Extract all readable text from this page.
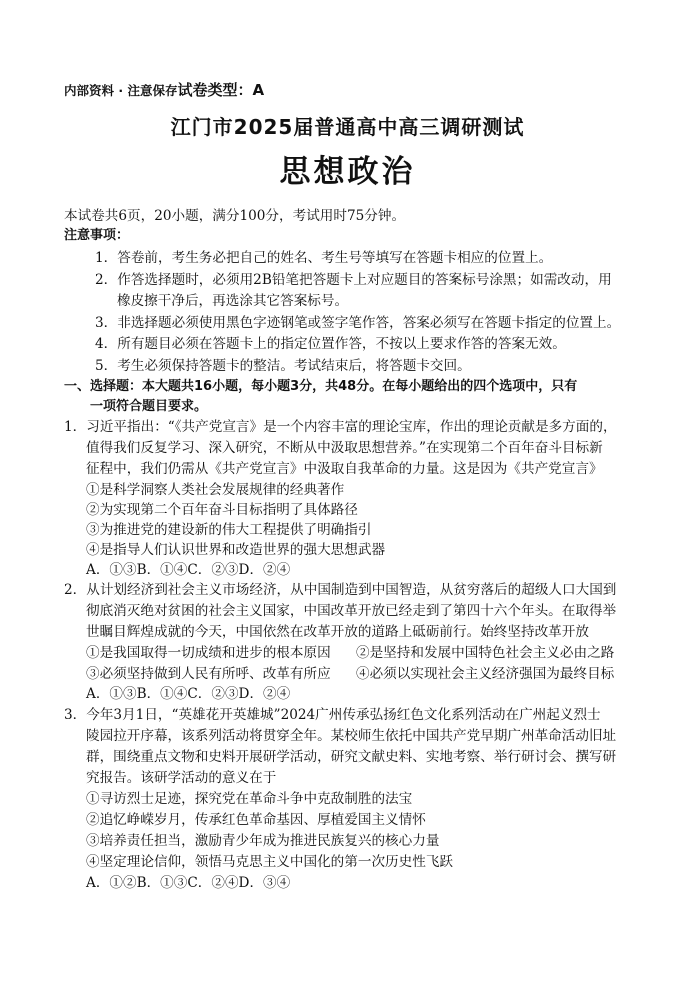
内部资料 · 注意保存试卷类型：A
江门市2025届普通高中高三调研测试
思想政治
本试卷共6页，20小题，满分100分，考试用时75分钟。
注意事项：
1．答卷前，考生务必把自己的姓名、考生号等填写在答题卡相应的位置上。
2．作答选择题时，必须用2B铅笔把答题卡上对应题目的答案标号涂黑；如需改动，用
橡皮擦干净后，再选涂其它答案标号。
3．非选择题必须使用黑色字迹钢笔或签字笔作答，答案必须写在答题卡指定的位置上。
4．所有题目必须在答题卡上的指定位置作答，不按以上要求作答的答案无效。
5．考生必须保持答题卡的整洁。考试结束后，将答题卡交回。
一、选择题：本大题共16小题，每小题3分，共48分。在每小题给出的四个选项中，只有
一项符合题目要求。
1．习近平指出：“《共产党宣言》是一个内容丰富的理论宝库，作出的理论贡献是多方面的，
值得我们反复学习、深入研究，不断从中汲取思想营养。”在实现第二个百年奋斗目标新
征程中，我们仍需从《共产党宣言》中汲取自我革命的力量。这是因为《共产党宣言》
①是科学洞察人类社会发展规律的经典著作
②为实现第二个百年奋斗目标指明了具体路径
③为推进党的建设新的伟大工程提供了明确指引
④是指导人们认识世界和改造世界的强大思想武器
A．①③B．①④C．②③D．②④
2．从计划经济到社会主义市场经济，从中国制造到中国智造，从贫穷落后的超级人口大国到
彻底消灭绝对贫困的社会主义国家，中国改革开放已经走到了第四十六个年头。在取得举
世瞩目辉煌成就的今天，中国依然在改革开放的道路上砥砺前行。始终坚持改革开放
①是我国取得一切成绩和进步的根本原因 ②是坚持和发展中国特色社会主义必由之路
③必须坚持做到人民有所呼、改革有所应 ④必须以实现社会主义经济强国为最终目标
A．①③B．①④C．②③D．②④
3．今年3月1日，“英雄花开英雄城”2024广州传承弘扬红色文化系列活动在广州起义烈士
陵园拉开序幕，该系列活动将贯穿全年。某校师生依托中国共产党早期广州革命活动旧址
群，围绕重点文物和史料开展研学活动，研究文献史料、实地考察、举行研讨会、撰写研
究报告。该研学活动的意义在于
①寻访烈士足迹，探究党在革命斗争中克敌制胜的法宝
②追忆峥嵘岁月，传承红色革命基因、厚植爱国主义情怀
③培养责任担当，激励青少年成为推进民族复兴的核心力量
④坚定理论信仰，领悟马克思主义中国化的第一次历史性飞跃
A．①②B．①③C．②④D．③④
